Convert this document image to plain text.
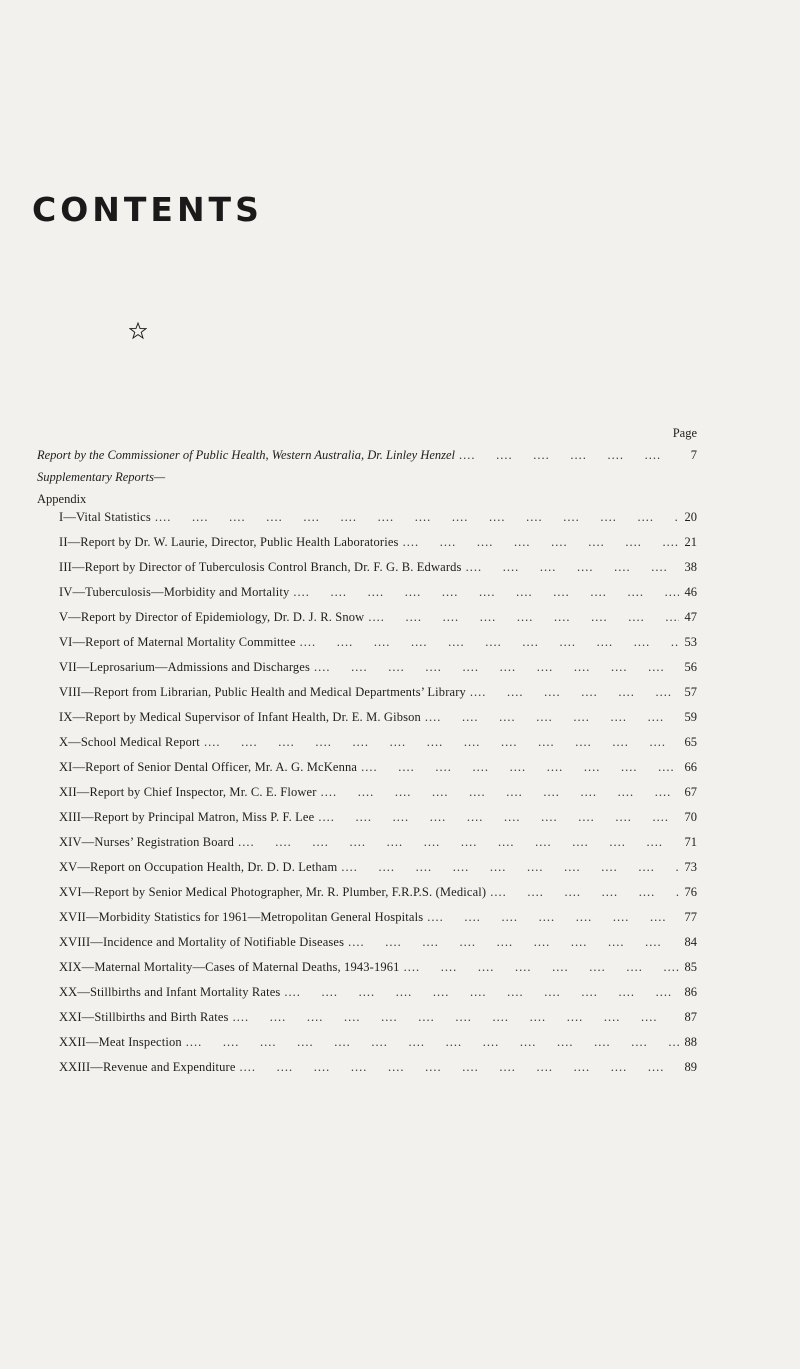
CONTENTS
Page
Report by the Commissioner of Public Health, Western Australia, Dr. Linley Henzel ....	7
Supplementary Reports—
Appendix
I—Vital Statistics ....	20
II—Report by Dr. W. Laurie, Director, Public Health Laboratories ....	21
III—Report by Director of Tuberculosis Control Branch, Dr. F. G. B. Edwards ....	38
IV—Tuberculosis—Morbidity and Mortality ....	46
V—Report by Director of Epidemiology, Dr. D. J. R. Snow ....	47
VI—Report of Maternal Mortality Committee ....	53
VII—Leprosarium—Admissions and Discharges ....	56
VIII—Report from Librarian, Public Health and Medical Departments’ Library ....	57
IX—Report by Medical Supervisor of Infant Health, Dr. E. M. Gibson ....	59
X—School Medical Report ....	65
XI—Report of Senior Dental Officer, Mr. A. G. McKenna ....	66
XII—Report by Chief Inspector, Mr. C. E. Flower ....	67
XIII—Report by Principal Matron, Miss P. F. Lee ....	70
XIV—Nurses’ Registration Board ....	71
XV—Report on Occupation Health, Dr. D. D. Letham ....	73
XVI—Report by Senior Medical Photographer, Mr. R. Plumber, F.R.P.S. (Medical) ....	76
XVII—Morbidity Statistics for 1961—Metropolitan General Hospitals ....	77
XVIII—Incidence and Mortality of Notifiable Diseases ....	84
XIX—Maternal Mortality—Cases of Maternal Deaths, 1943-1961 ....	85
XX—Stillbirths and Infant Mortality Rates ....	86
XXI—Stillbirths and Birth Rates ....	87
XXII—Meat Inspection ....	88
XXIII—Revenue and Expenditure ....	89
